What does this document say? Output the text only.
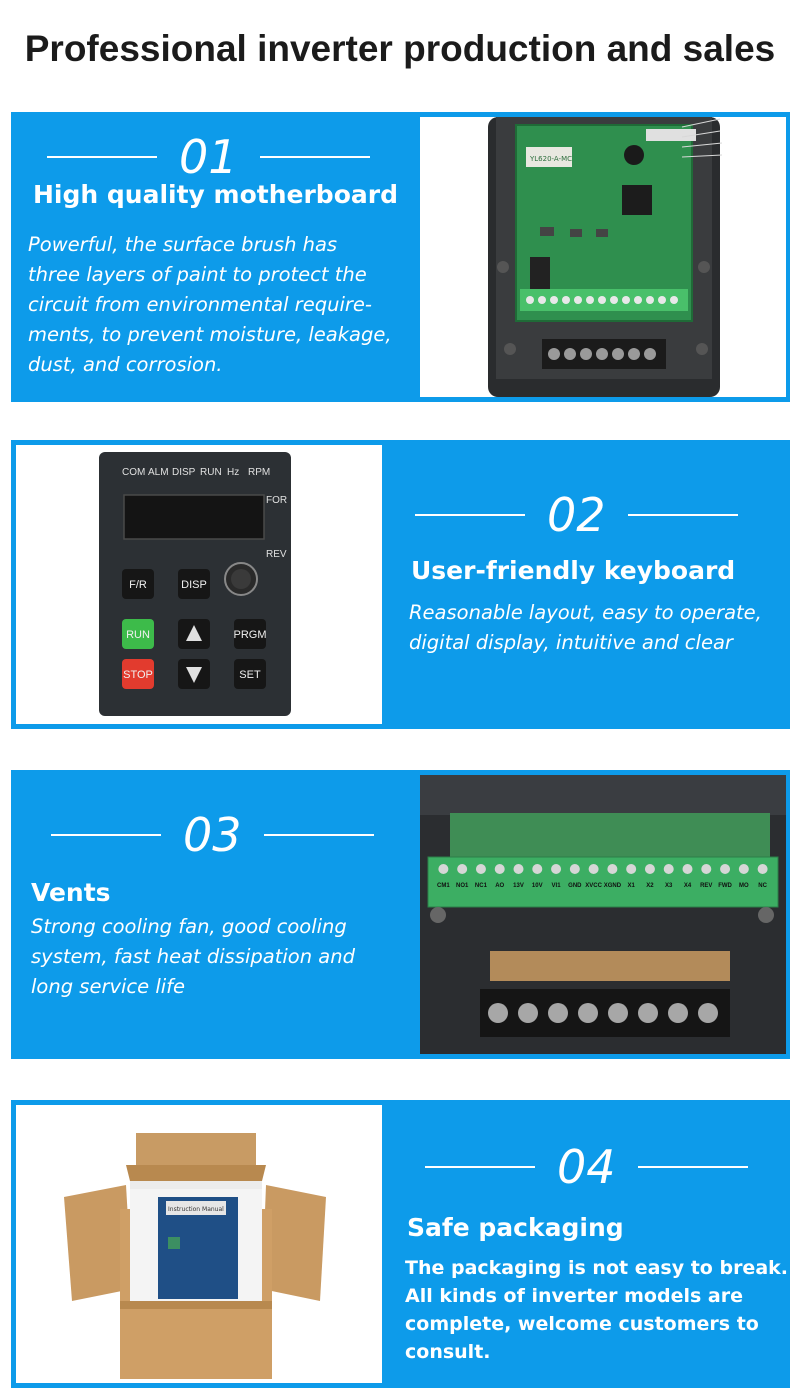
Professional inverter production and sales
01
High quality motherboard
Powerful, the surface brush has
three layers of paint to protect the
circuit from environmental require-
ments, to prevent moisture, leakage,
dust, and corrosion.
YL620-A-MC
COM ALM DISP RUN Hz RPM
FOR
REV
F/R	DISP
RUN	PRGM
STOP	SET
02
User-friendly keyboard
Reasonable layout, easy to operate,
digital display, intuitive and clear
03
Vents
Strong cooling fan, good cooling
system, fast heat dissipation and
long service life
CM1 NO1 NC1 AO 13V 10V VI1 GND XVCC XGND X1 X2 X3 X4 REV FWD MO NC
Instruction Manual
04
Safe packaging
The packaging is not easy to break.
All kinds of inverter models are
complete, welcome customers to
consult.
